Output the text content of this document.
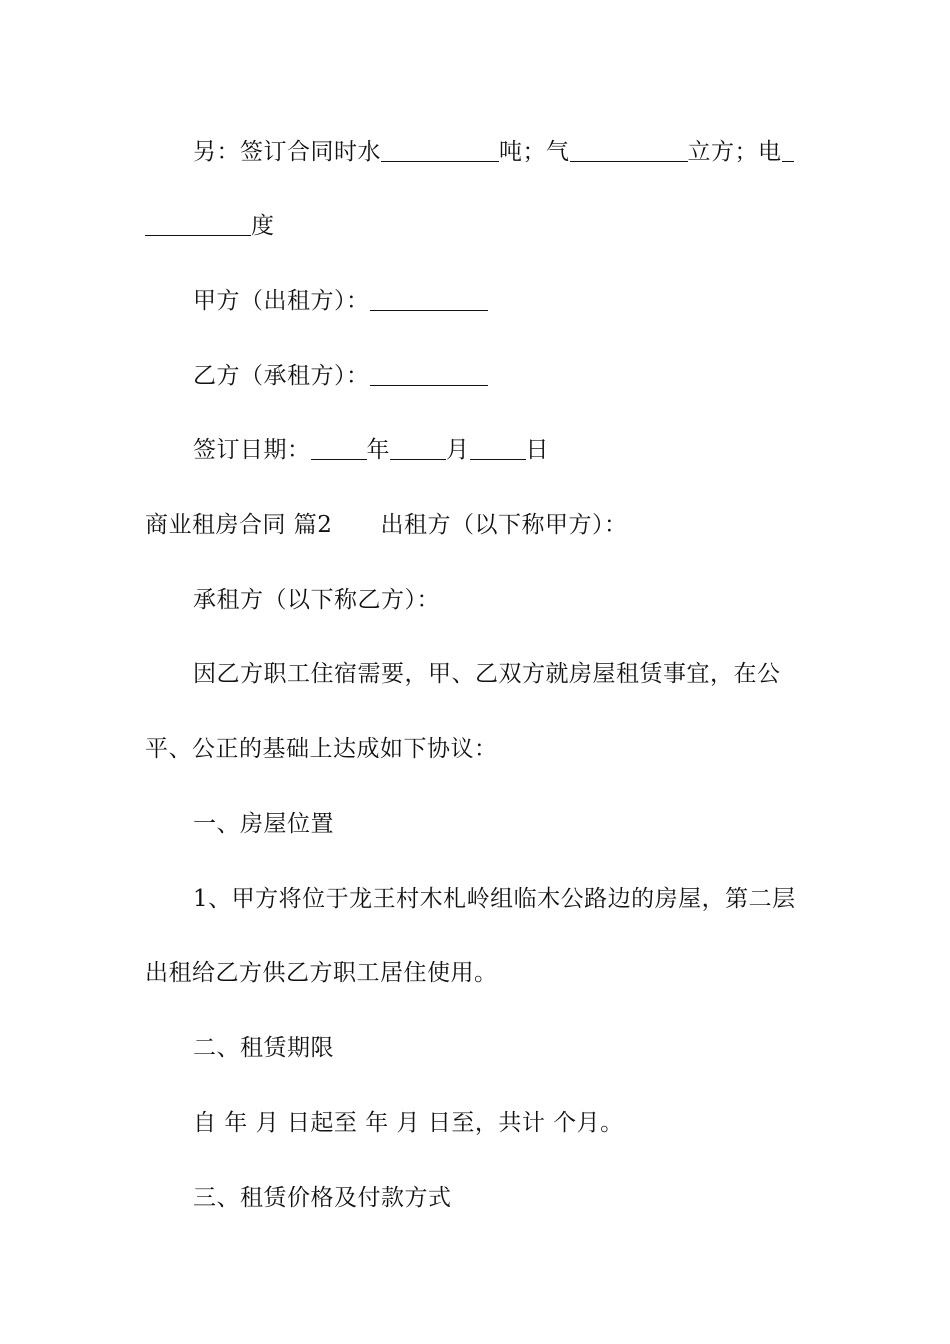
另：签订合同时水	吨；气	立方；电
度
甲方（出租方）：
乙方（承租方）：
签订日期： 年 月 日
商业租房合同 篇2 出租方（以下称甲方）：
承租方（以下称乙方）：
因乙方职工住宿需要，甲、乙双方就房屋租赁事宜，在公
平、公正的基础上达成如下协议：
一、房屋位置
1、甲方将位于龙王村木札岭组临木公路边的房屋，第二层
出租给乙方供乙方职工居住使用。
二、租赁期限
自 年 月 日起至 年 月 日至，共计 个月。
三、租赁价格及付款方式
